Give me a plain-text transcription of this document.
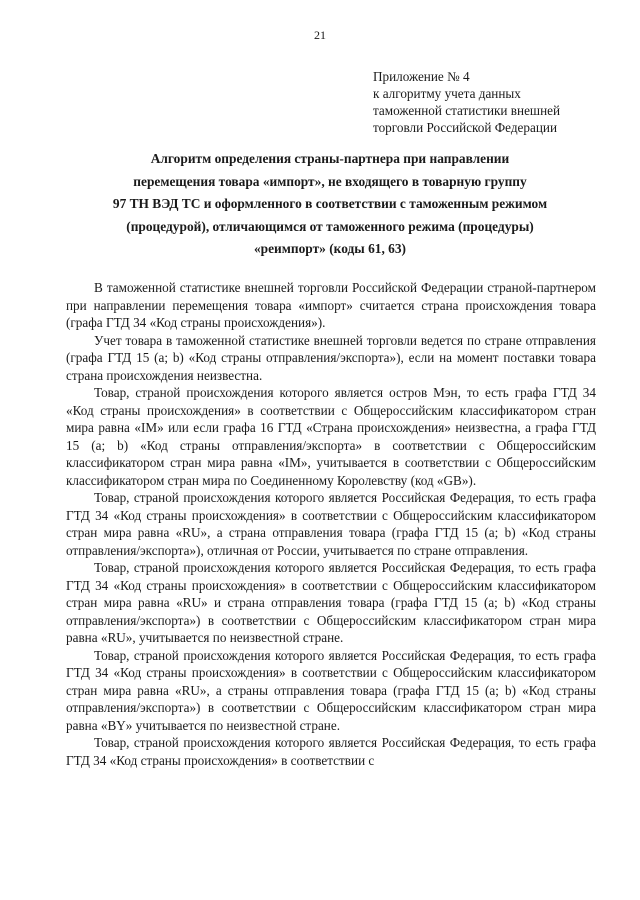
21
Приложение № 4
к алгоритму учета данных
таможенной статистики внешней
торговли Российской Федерации
Алгоритм определения страны-партнера при направлении
перемещения товара «импорт», не входящего в товарную группу
97 ТН ВЭД ТС и оформленного в соответствии с таможенным режимом
(процедурой), отличающимся от таможенного режима (процедуры)
«реимпорт» (коды 61, 63)

В таможенной статистике внешней торговли Российской Федерации страной-партнером при направлении перемещения товара «импорт» считается страна происхождения товара (графа ГТД 34 «Код страны происхождения»).

Учет товара в таможенной статистике внешней торговли ведется по стране отправления (графа ГТД 15 (а; b) «Код страны отправления/экспорта»), если на момент поставки товара страна происхождения неизвестна.

Товар, страной происхождения которого является остров Мэн, то есть графа ГТД 34 «Код страны происхождения» в соответствии с Общероссийским классификатором стран мира равна «IM» или если графа 16 ГТД «Страна происхождения» неизвестна, а графа ГТД 15 (а; b) «Код страны отправления/экспорта» в соответствии с Общероссийским классификатором стран мира равна «IM», учитывается в соответствии с Общероссийским классификатором стран мира по Соединенному Королевству (код «GB»).

Товар, страной происхождения которого является Российская Федерация, то есть графа ГТД 34 «Код страны происхождения» в соответствии с Общероссийским классификатором стран мира равна «RU», а страна отправления товара (графа ГТД 15 (а; b) «Код страны отправления/экспорта»), отличная от России, учитывается по стране отправления.

Товар, страной происхождения которого является Российская Федерация, то есть графа ГТД 34 «Код страны происхождения» в соответствии с Общероссийским классификатором стран мира равна «RU» и страна отправления товара (графа ГТД 15 (а; b) «Код страны отправления/экспорта») в соответствии с Общероссийским классификатором стран мира равна «RU», учитывается по неизвестной стране.

Товар, страной происхождения которого является Российская Федерация, то есть графа ГТД 34 «Код страны происхождения» в соответствии с Общероссийским классификатором стран мира равна «RU», а страны отправления товара (графа ГТД 15 (а; b) «Код страны отправления/экспорта») в соответствии с Общероссийским классификатором стран мира равна «BY» учитывается по неизвестной стране.

Товар, страной происхождения которого является Российская Федерация, то есть графа ГТД 34 «Код страны происхождения» в соответствии с
